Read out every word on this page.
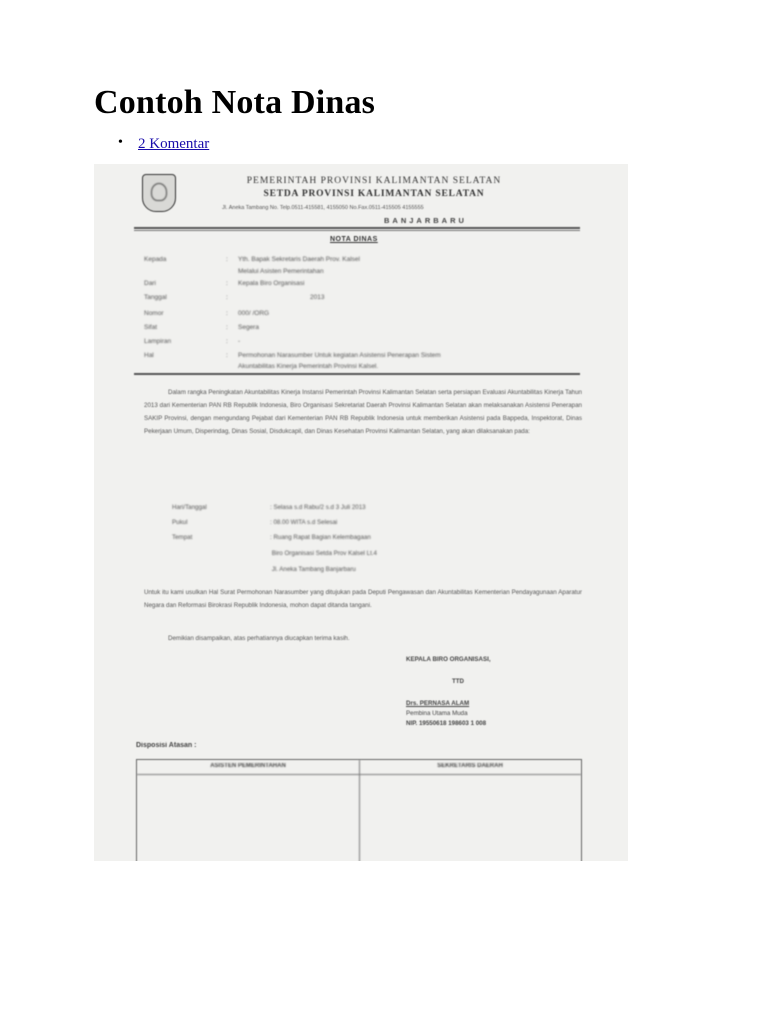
Contoh Nota Dinas
• 2 Komentar
PEMERINTAH PROVINSI KALIMANTAN SELATAN
SETDA PROVINSI KALIMANTAN SELATAN
Jl. Aneka Tambang No. Telp.0511-415581, 4155050 No.Fax.0511-415505 4155555
BANJARBARU
NOTA DINAS
Kepada	: Yth. Bapak Sekretaris Daerah Prov. Kalsel
Melalui Asisten Pemerintahan
Dari	: Kepala Biro Organisasi
Tanggal	:	2013
Nomor	: 000/ /ORG
Sifat	: Segera
Lampiran	: -
Hal	: Permohonan Narasumber Untuk kegiatan Asistensi Penerapan Sistem
Akuntabilitas Kinerja Pemerintah Provinsi Kalsel.
Dalam rangka Peningkatan Akuntabilitas Kinerja Instansi Pemerintah Provinsi Kalimantan Selatan serta persiapan Evaluasi Akuntabilitas Kinerja Tahun 2013 dari Kementerian PAN RB Republik Indonesia, Biro Organisasi Sekretariat Daerah Provinsi Kalimantan Selatan akan melaksanakan Asistensi Penerapan SAKIP Provinsi, dengan mengundang Pejabat dari Kementerian PAN RB Republik Indonesia untuk memberikan Asistensi pada Bappeda, Inspektorat, Dinas Pekerjaan Umum, Disperindag, Dinas Sosial, Disdukcapil, dan Dinas Kesehatan Provinsi Kalimantan Selatan, yang akan dilaksanakan pada:
Hari/Tanggal	: Selasa s.d Rabu/2 s.d 3 Juli 2013
Pukul	: 08.00 WITA s.d Selesai
Tempat	: Ruang Rapat Bagian Kelembagaan
Biro Organisasi Setda Prov Kalsel Lt.4
Jl. Aneka Tambang Banjarbaru
Untuk itu kami usulkan Hal Surat Permohonan Narasumber yang ditujukan pada Deputi Pengawasan dan Akuntabilitas Kementerian Pendayagunaan Aparatur Negara dan Reformasi Birokrasi Republik Indonesia, mohon dapat ditanda tangani.
Demikian disampaikan, atas perhatiannya diucapkan terima kasih.
KEPALA BIRO ORGANISASI,
TTD
Drs. PERNASA ALAM
Pembina Utama Muda
NIP. 19550618 198603 1 008
Disposisi Atasan :
ASISTEN PEMERINTAHAN	SEKRETARIS DAERAH
